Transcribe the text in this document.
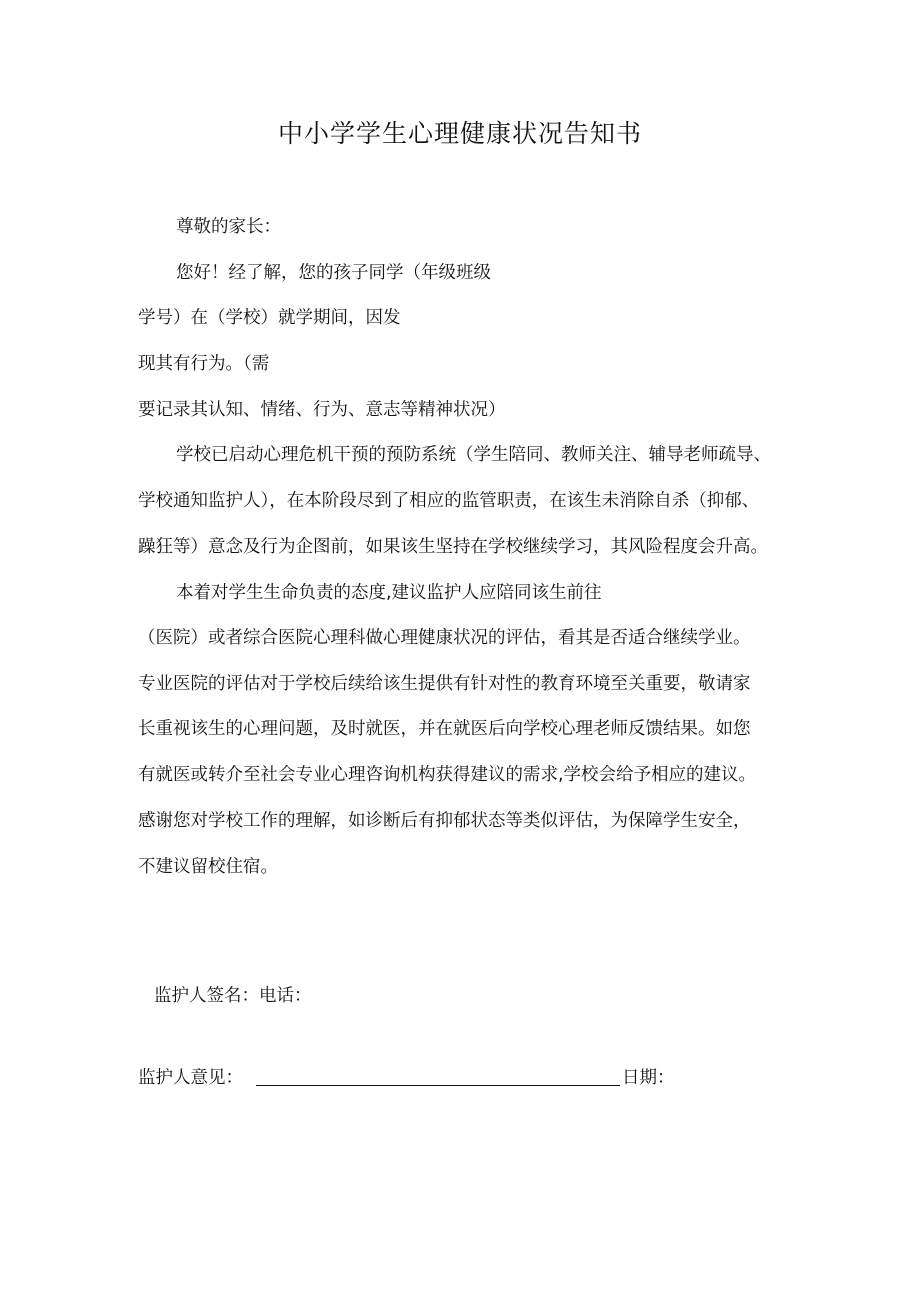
中小学学生心理健康状况告知书
尊敬的家长：
您好！经了解，您的孩子同学（年级班级
学号）在（学校）就学期间，因发
现其有行为。（需
要记录其认知、情绪、行为、意志等精神状况）
学校已启动心理危机干预的预防系统（学生陪同、教师关注、辅导老师疏导、
学校通知监护人），在本阶段尽到了相应的监管职责，在该生未消除自杀（抑郁、
躁狂等）意念及行为企图前，如果该生坚持在学校继续学习，其风险程度会升高。
本着对学生生命负责的态度,建议监护人应陪同该生前往
（医院）或者综合医院心理科做心理健康状况的评估，看其是否适合继续学业。
专业医院的评估对于学校后续给该生提供有针对性的教育环境至关重要，敬请家
长重视该生的心理问题，及时就医，并在就医后向学校心理老师反馈结果。如您
有就医或转介至社会专业心理咨询机构获得建议的需求,学校会给予相应的建议。
感谢您对学校工作的理解，如诊断后有抑郁状态等类似评估，为保障学生安全，
不建议留校住宿。
监护人签名：电话：
监护人意见：	日期：
